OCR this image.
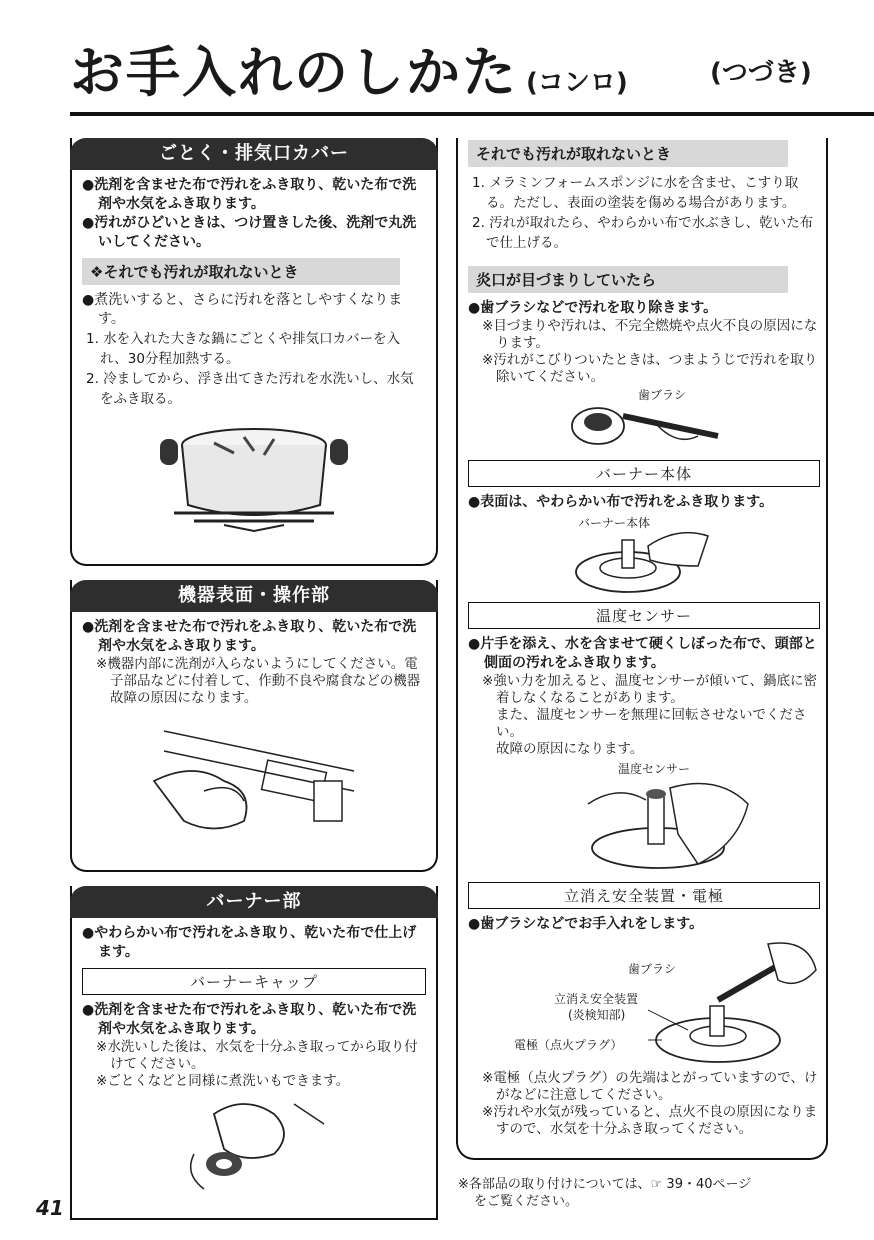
お手入れのしかた (コンロ)	(つづき)
ごとく・排気口カバー
● 洗剤を含ませた布で汚れをふき取り、乾いた布で洗剤や水気をふき取ります。
● 汚れがひどいときは、つけ置きした後、洗剤で丸洗いしてください。
❖それでも汚れが取れないとき
● 煮洗いすると、さらに汚れを落としやすくなります。
1. 水を入れた大きな鍋にごとくや排気口カバーを入れ、30分程加熱する。
2. 冷ましてから、浮き出てきた汚れを水洗いし、水気をふき取る。
機器表面・操作部
● 洗剤を含ませた布で汚れをふき取り、乾いた布で洗剤や水気をふき取ります。
※ 機器内部に洗剤が入らないようにしてください。電子部品などに付着して、作動不良や腐食などの機器故障の原因になります。
バーナー部
● やわらかい布で汚れをふき取り、乾いた布で仕上げます。
バーナーキャップ
● 洗剤を含ませた布で汚れをふき取り、乾いた布で洗剤や水気をふき取ります。
※ 水洗いした後は、水気を十分ふき取ってから取り付けてください。
※ ごとくなどと同様に煮洗いもできます。
それでも汚れが取れないとき
1. メラミンフォームスポンジに水を含ませ、こすり取る。ただし、表面の塗装を傷める場合があります。
2. 汚れが取れたら、やわらかい布で水ぶきし、乾いた布で仕上げる。
炎口が目づまりしていたら
● 歯ブラシなどで汚れを取り除きます。
※ 目づまりや汚れは、不完全燃焼や点火不良の原因になります。
※ 汚れがこびりついたときは、つまようじで汚れを取り除いてください。
歯ブラシ
バーナー本体
● 表面は、やわらかい布で汚れをふき取ります。
バーナー本体
温度センサー
● 片手を添え、水を含ませて硬くしぼった布で、頭部と側面の汚れをふき取ります。
※ 強い力を加えると、温度センサーが傾いて、鍋底に密着しなくなることがあります。
また、温度センサーを無理に回転させないでください。
故障の原因になります。
温度センサー
立消え安全装置・電極
● 歯ブラシなどでお手入れをします。
歯ブラシ
立消え安全装置
(炎検知部)
電極（点火プラグ）
※ 電極（点火プラグ）の先端はとがっていますので、けがなどに注意してください。
※ 汚れや水気が残っていると、点火不良の原因になりますので、水気を十分ふき取ってください。
※各部品の取り付けについては、☞ 39・40ページ
をご覧ください。
41
